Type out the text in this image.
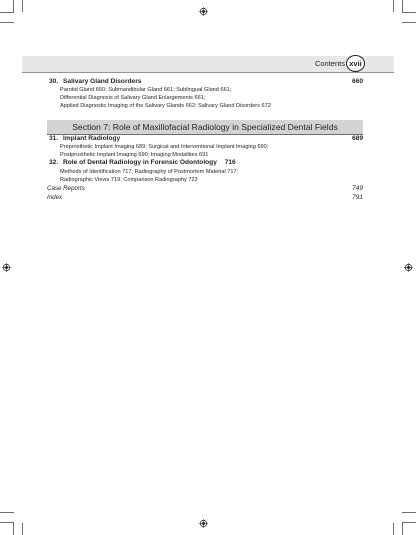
Contents xvii
30. Salivary Gland Disorders	660
Parotid Gland 660; Submandibular Gland 661; Sublingual Gland 661;
Differential Diagnosis of Salivary Gland Enlargements 661;
Applied Diagnostic Imaging of the Salivary Glands 662; Salivary Gland Disorders 672
Section 7: Role of Maxillofacial Radiology in Specialized Dental Fields
31. Implant Radiology	689
Preprosthetic Implant Imaging 689; Surgical and Interventional Implant Imaging 690;
Postprosthetic Implant Imaging 690; Imaging Modalities 691
32. Role of Dental Radiology in Forensic Odontology 716
Methods of Identification 717; Radiography of Postmortem Material 717;
Radiographic Views 719; Comparison Radiography 723
Case Reports	749
Index	791
